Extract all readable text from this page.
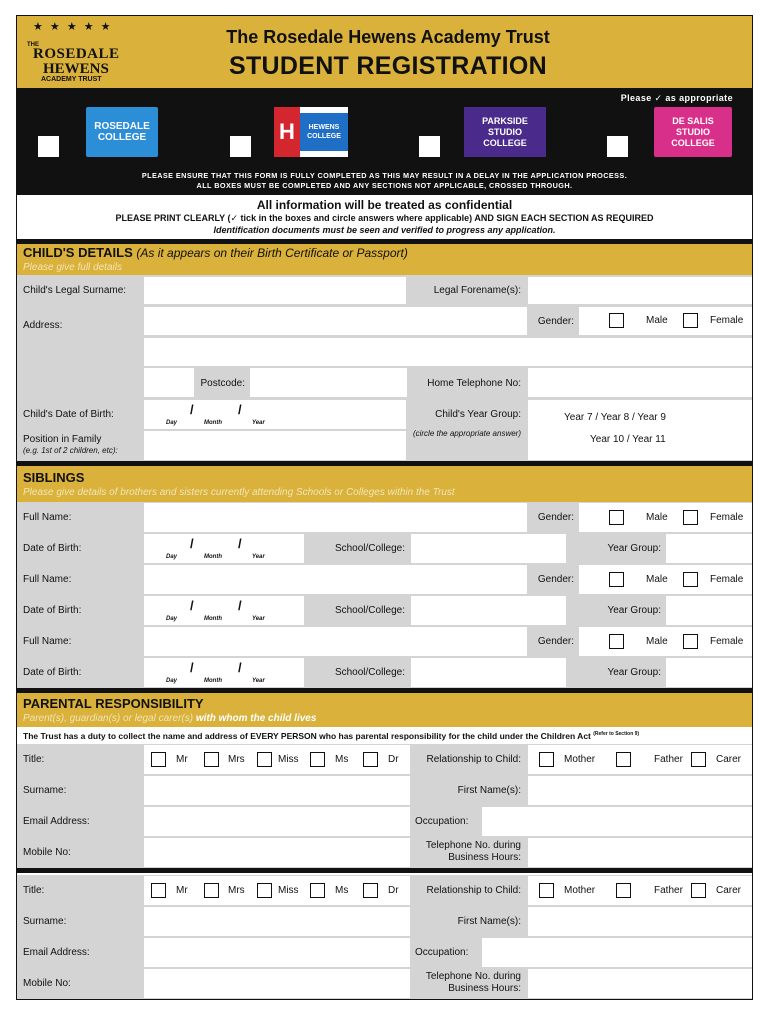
★ ★ ★ ★ ★
THE
ROSEDALE
HEWENS
ACADEMY TRUST
The Rosedale Hewens Academy Trust
STUDENT REGISTRATION
Please ✓ as appropriate
ROSEDALE COLLEGE	H	HEWENS COLLEGE
PARKSIDE STUDIO COLLEGE
DE SALIS STUDIO COLLEGE
PLEASE ENSURE THAT THIS FORM IS FULLY COMPLETED AS THIS MAY RESULT IN A DELAY IN THE APPLICATION PROCESS.
ALL BOXES MUST BE COMPLETED AND ANY SECTIONS NOT APPLICABLE, CROSSED THROUGH.
All information will be treated as confidential
PLEASE PRINT CLEARLY (✓ tick in the boxes and circle answers where applicable) AND SIGN EACH SECTION AS REQUIRED
Identification documents must be seen and verified to progress any application.
CHILD'S DETAILS (As it appears on their Birth Certificate or Passport)
Please give full details
Child's Legal Surname:	Legal Forename(s):
Address:	Gender:	Male	Female
Postcode:	Home Telephone No:
Child's Date of Birth:	/	/
Day	Month	Year
Child's Year Group:
(circle the appropriate answer)
Year 7 / Year 8 / Year 9
Year 10 / Year 11
Position in Family
(e.g. 1st of 2 children, etc):
SIBLINGS
Please give details of brothers and sisters currently attending Schools or Colleges within the Trust
Full Name:	Gender:	Male	Female
Date of Birth:	/	/
Day	Month	Year
School/College:	Year Group:
Full Name:	Gender:	Male	Female
Date of Birth:	/	/
Day	Month	Year
School/College:	Year Group:
Full Name:	Gender:	Male	Female
Date of Birth:	/	/
Day	Month	Year
School/College:	Year Group:
PARENTAL RESPONSIBILITY
Parent(s), guardian(s) or legal carer(s) with whom the child lives
The Trust has a duty to collect the name and address of EVERY PERSON who has parental responsibility for the child under the Children Act $^{(Refer to Section 9)}$
Title:	Mr	Mrs	Miss	Ms	Dr	Relationship to Child:	Mother	Father	Carer
Surname:	First Name(s):
Email Address:	Occupation:
Mobile No:
Telephone No. during Business Hours:
Title:	Mr	Mrs	Miss	Ms	Dr	Relationship to Child:	Mother	Father	Carer
Surname:	First Name(s):
Email Address:	Occupation:
Mobile No:
Telephone No. during Business Hours:
